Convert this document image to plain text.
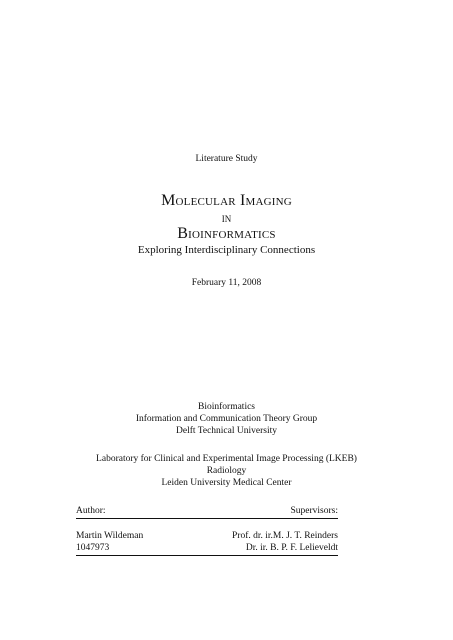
Literature Study
Molecular Imaging
in
Bioinformatics
Exploring Interdisciplinary Connections
February 11, 2008
Bioinformatics
Information and Communication Theory Group
Delft Technical University
Laboratory for Clinical and Experimental Image Processing (LKEB)
Radiology
Leiden University Medical Center
Author:	Supervisors:
Martin Wildeman	Prof. dr. ir.M. J. T. Reinders
1047973	Dr. ir. B. P. F. Lelieveldt
